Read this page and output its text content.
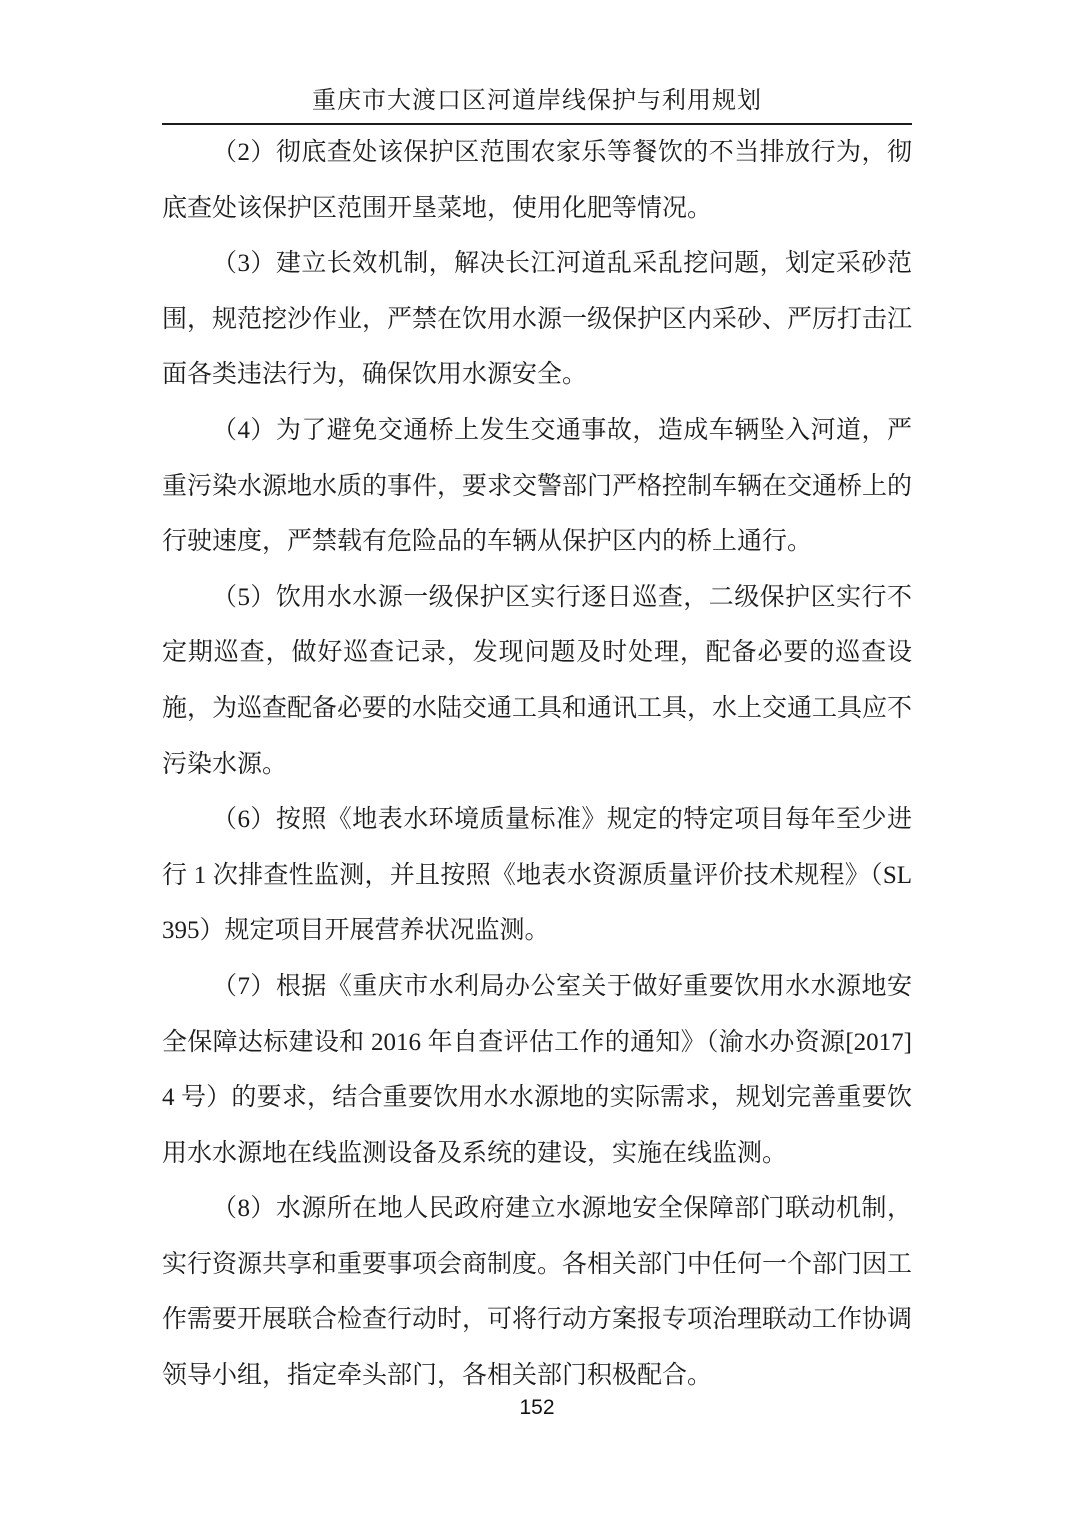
重庆市大渡口区河道岸线保护与利用规划

（2）彻底查处该保护区范围农家乐等餐饮的不当排放行为，彻底查处该保护区范围开垦菜地，使用化肥等情况。

（3）建立长效机制，解决长江河道乱采乱挖问题，划定采砂范围，规范挖沙作业，严禁在饮用水源一级保护区内采砂、严厉打击江面各类违法行为，确保饮用水源安全。

（4）为了避免交通桥上发生交通事故，造成车辆坠入河道，严重污染水源地水质的事件，要求交警部门严格控制车辆在交通桥上的行驶速度，严禁载有危险品的车辆从保护区内的桥上通行。

（5）饮用水水源一级保护区实行逐日巡查，二级保护区实行不定期巡查，做好巡查记录，发现问题及时处理，配备必要的巡查设施，为巡查配备必要的水陆交通工具和通讯工具，水上交通工具应不污染水源。

（6）按照《地表水环境质量标准》规定的特定项目每年至少进行 1 次排查性监测，并且按照《地表水资源质量评价技术规程》（SL395）规定项目开展营养状况监测。

（7）根据《重庆市水利局办公室关于做好重要饮用水水源地安全保障达标建设和 2016 年自查评估工作的通知》（渝水办资源[2017]4 号）的要求，结合重要饮用水水源地的实际需求，规划完善重要饮用水水源地在线监测设备及系统的建设，实施在线监测。

（8）水源所在地人民政府建立水源地安全保障部门联动机制，实行资源共享和重要事项会商制度。各相关部门中任何一个部门因工作需要开展联合检查行动时，可将行动方案报专项治理联动工作协调领导小组，指定牵头部门，各相关部门积极配合。

152
